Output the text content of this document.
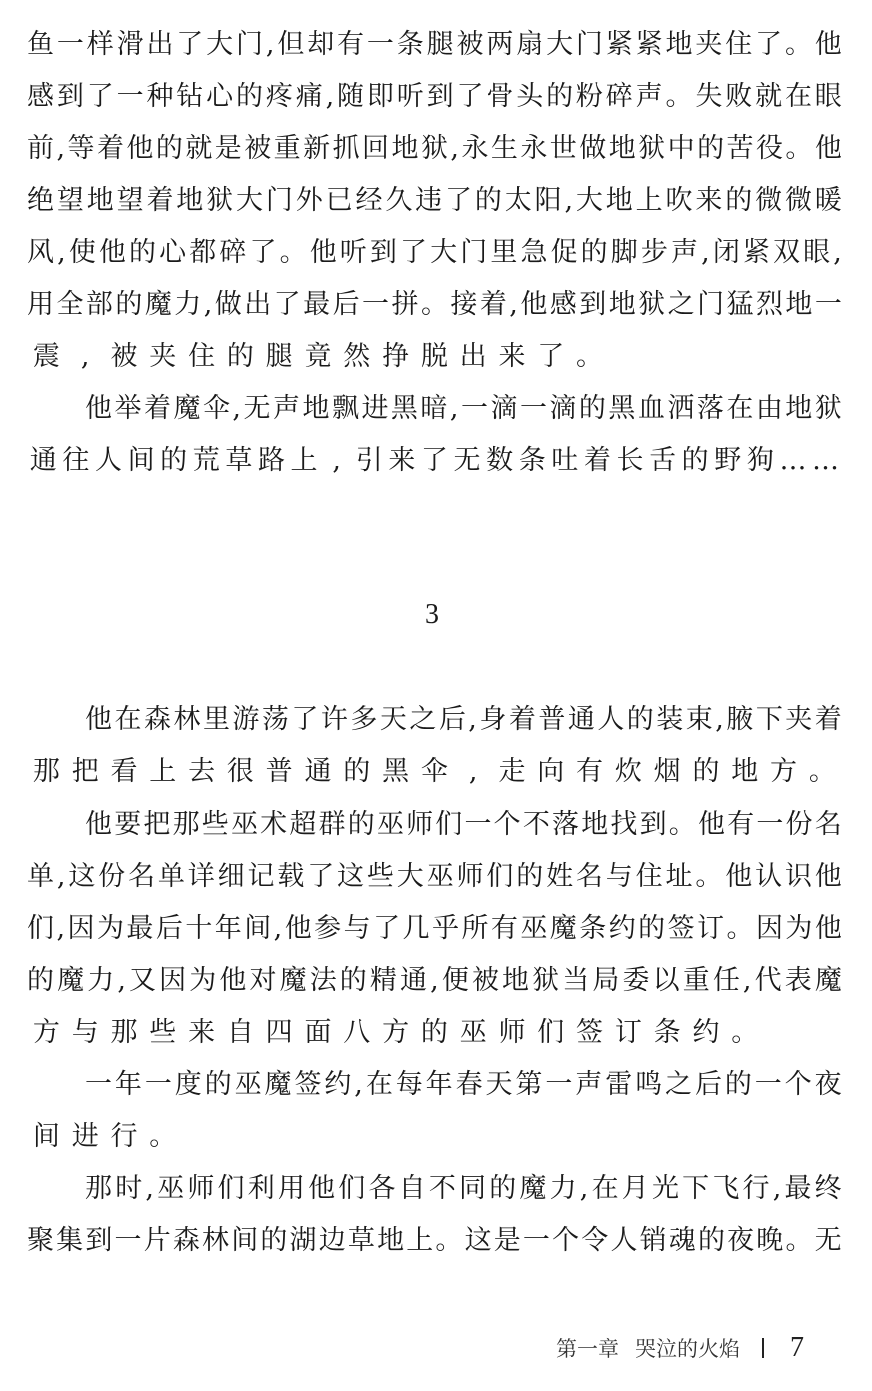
鱼 一 样 滑 出 了 大 门 , 但 却 有 一 条 腿 被 两 扇 大 门 紧 紧 地 夹 住 了 。 他
感 到 了 一 种 钻 心 的 疼 痛 , 随 即 听 到 了 骨 头 的 粉 碎 声 。 失 败 就 在 眼
前 , 等 着 他 的 就 是 被 重 新 抓 回 地 狱 , 永 生 永 世 做 地 狱 中 的 苦 役 。 他
绝 望 地 望 着 地 狱 大 门 外 已 经 久 违 了 的 太 阳 , 大 地 上 吹 来 的 微 微 暖
风 , 使 他 的 心 都 碎 了 。 他 听 到 了 大 门 里 急 促 的 脚 步 声 , 闭 紧 双 眼 ,
用 全 部 的 魔 力 , 做 出 了 最 后 一 拼 。 接 着 , 他 感 到 地 狱 之 门 猛 烈 地 一
震 , 被 夹 住 的 腿 竟 然 挣 脱 出 来 了 。
他 举 着 魔 伞 , 无 声 地 飘 进 黑 暗 , 一 滴 一 滴 的 黑 血 洒 落 在 由 地 狱
通 往 人 间 的 荒 草 路 上 , 引 来 了 无 数 条 吐 着 长 舌 的 野 狗 … …
他 在 森 林 里 游 荡 了 许 多 天 之 后 , 身 着 普 通 人 的 装 束 , 腋 下 夹 着
那 把 看 上 去 很 普 通 的 黑 伞 , 走 向 有 炊 烟 的 地 方 。
他 要 把 那 些 巫 术 超 群 的 巫 师 们 一 个 不 落 地 找 到 。 他 有 一 份 名
单 , 这 份 名 单 详 细 记 载 了 这 些 大 巫 师 们 的 姓 名 与 住 址 。 他 认 识 他
们 , 因 为 最 后 十 年 间 , 他 参 与 了 几 乎 所 有 巫 魔 条 约 的 签 订 。 因 为 他
的 魔 力 , 又 因 为 他 对 魔 法 的 精 通 , 便 被 地 狱 当 局 委 以 重 任 , 代 表 魔
方 与 那 些 来 自 四 面 八 方 的 巫 师 们 签 订 条 约 。
一 年 一 度 的 巫 魔 签 约 , 在 每 年 春 天 第 一 声 雷 鸣 之 后 的 一 个 夜
间 进 行 。
那 时 , 巫 师 们 利 用 他 们 各 自 不 同 的 魔 力 , 在 月 光 下 飞 行 , 最 终
聚 集 到 一 片 森 林 间 的 湖 边 草 地 上 。 这 是 一 个 令 人 销 魂 的 夜 晚 。 无
3
第一章 哭泣的火焰 7
